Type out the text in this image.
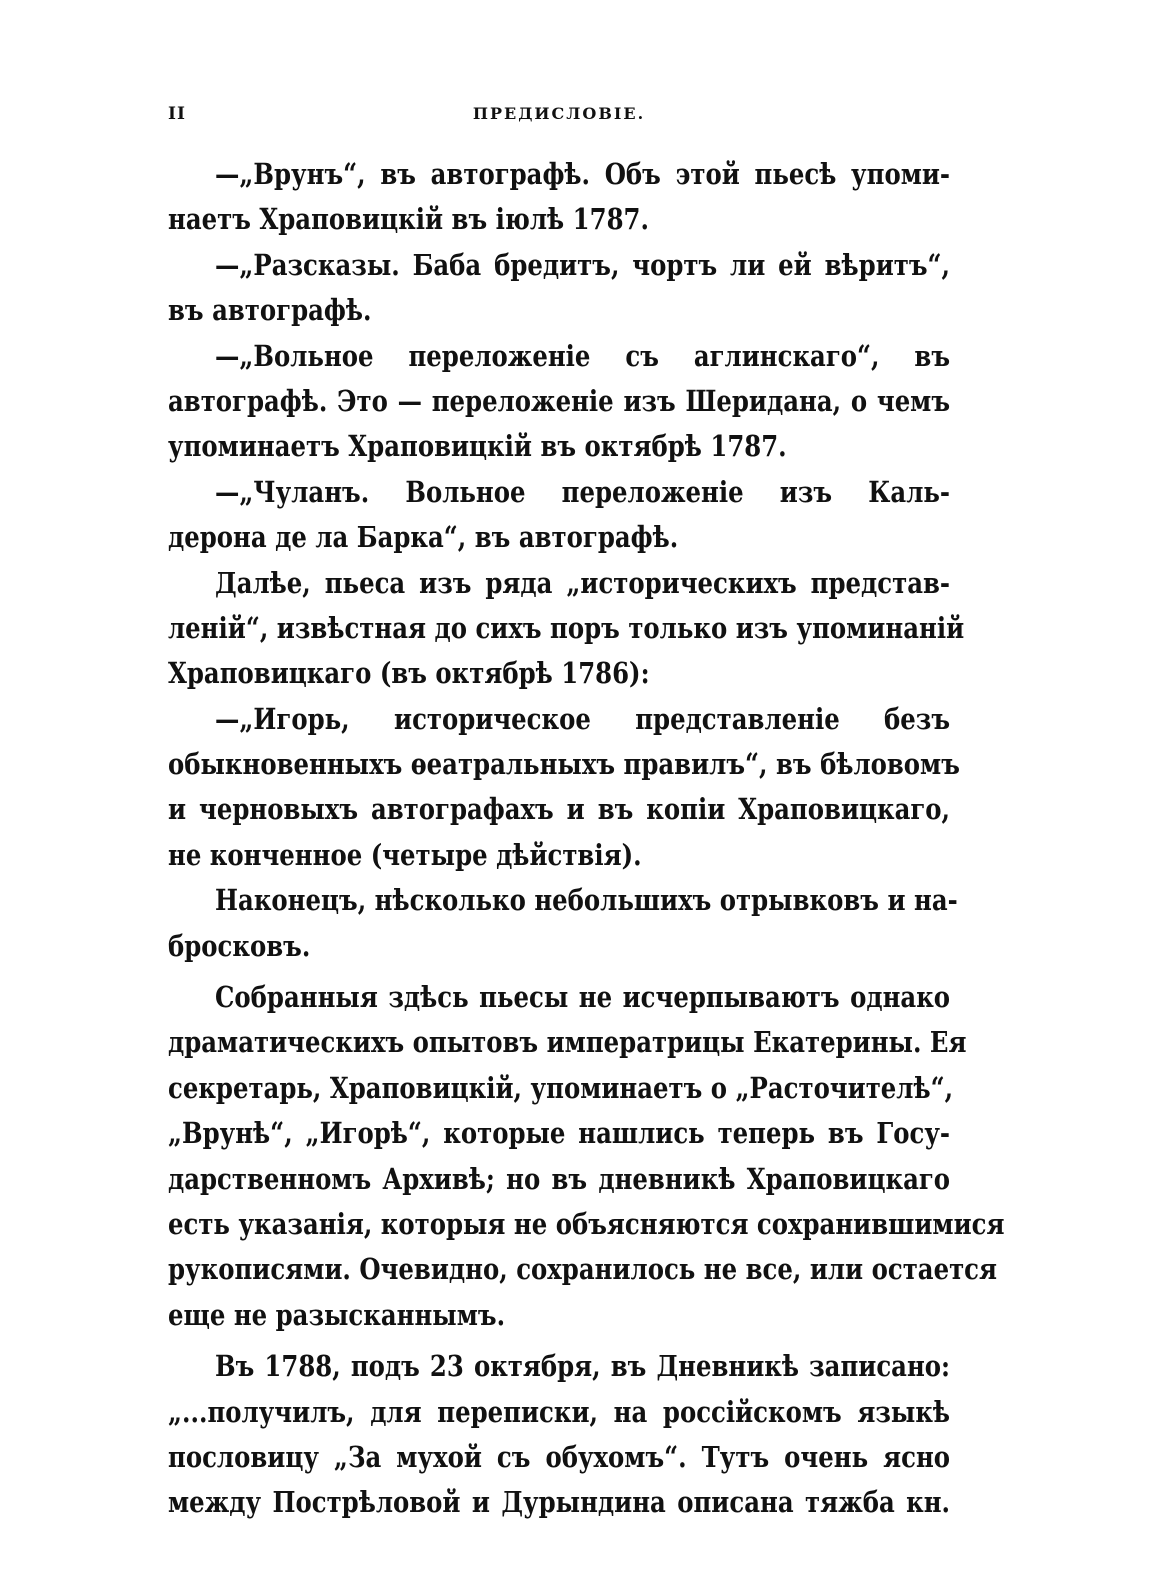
II	ПРЕДИСЛОВІЕ.
—„Врунъ“, въ автографѣ. Объ этой пьесѣ упоми-
наетъ Храповицкій въ іюлѣ 1787.
—„Разсказы. Баба бредитъ, чортъ ли ей вѣритъ“,
въ автографѣ.
—„Вольное переложеніе съ аглинскаго“, въ
автографѣ. Это — переложеніе изъ Шеридана, о чемъ
упоминаетъ Храповицкій въ октябрѣ 1787.
—„Чуланъ. Вольное переложеніе изъ Каль-
дерона де ла Барка“, въ автографѣ.
Далѣе, пьеса изъ ряда „историческихъ представ-
леній“, извѣстная до сихъ поръ только изъ упоминаній
Храповицкаго (въ октябрѣ 1786):
—„Игорь, историческое представленіе безъ
обыкновенныхъ ѳеатральныхъ правилъ“, въ бѣловомъ
и черновыхъ автографахъ и въ копіи Храповицкаго,
не конченное (четыре дѣйствія).
Наконецъ, нѣсколько небольшихъ отрывковъ и на-
бросковъ.
Собранныя здѣсь пьесы не исчерпываютъ однако
драматическихъ опытовъ императрицы Екатерины. Ея
секретарь, Храповицкій, упоминаетъ о „Расточителѣ“,
„Врунѣ“, „Игорѣ“, которые нашлись теперь въ Госу-
дарственномъ Архивѣ; но въ дневникѣ Храповицкаго
есть указанія, которыя не объясняются сохранившимися
рукописями. Очевидно, сохранилось не все, или остается
еще не разысканнымъ.
Въ 1788, подъ 23 октября, въ Дневникѣ записано:
„...получилъ, для переписки, на россійскомъ языкѣ
пословицу „За мухой съ обухомъ“. Тутъ очень ясно
между Пострѣловой и Дурындина описана тяжба кн.
